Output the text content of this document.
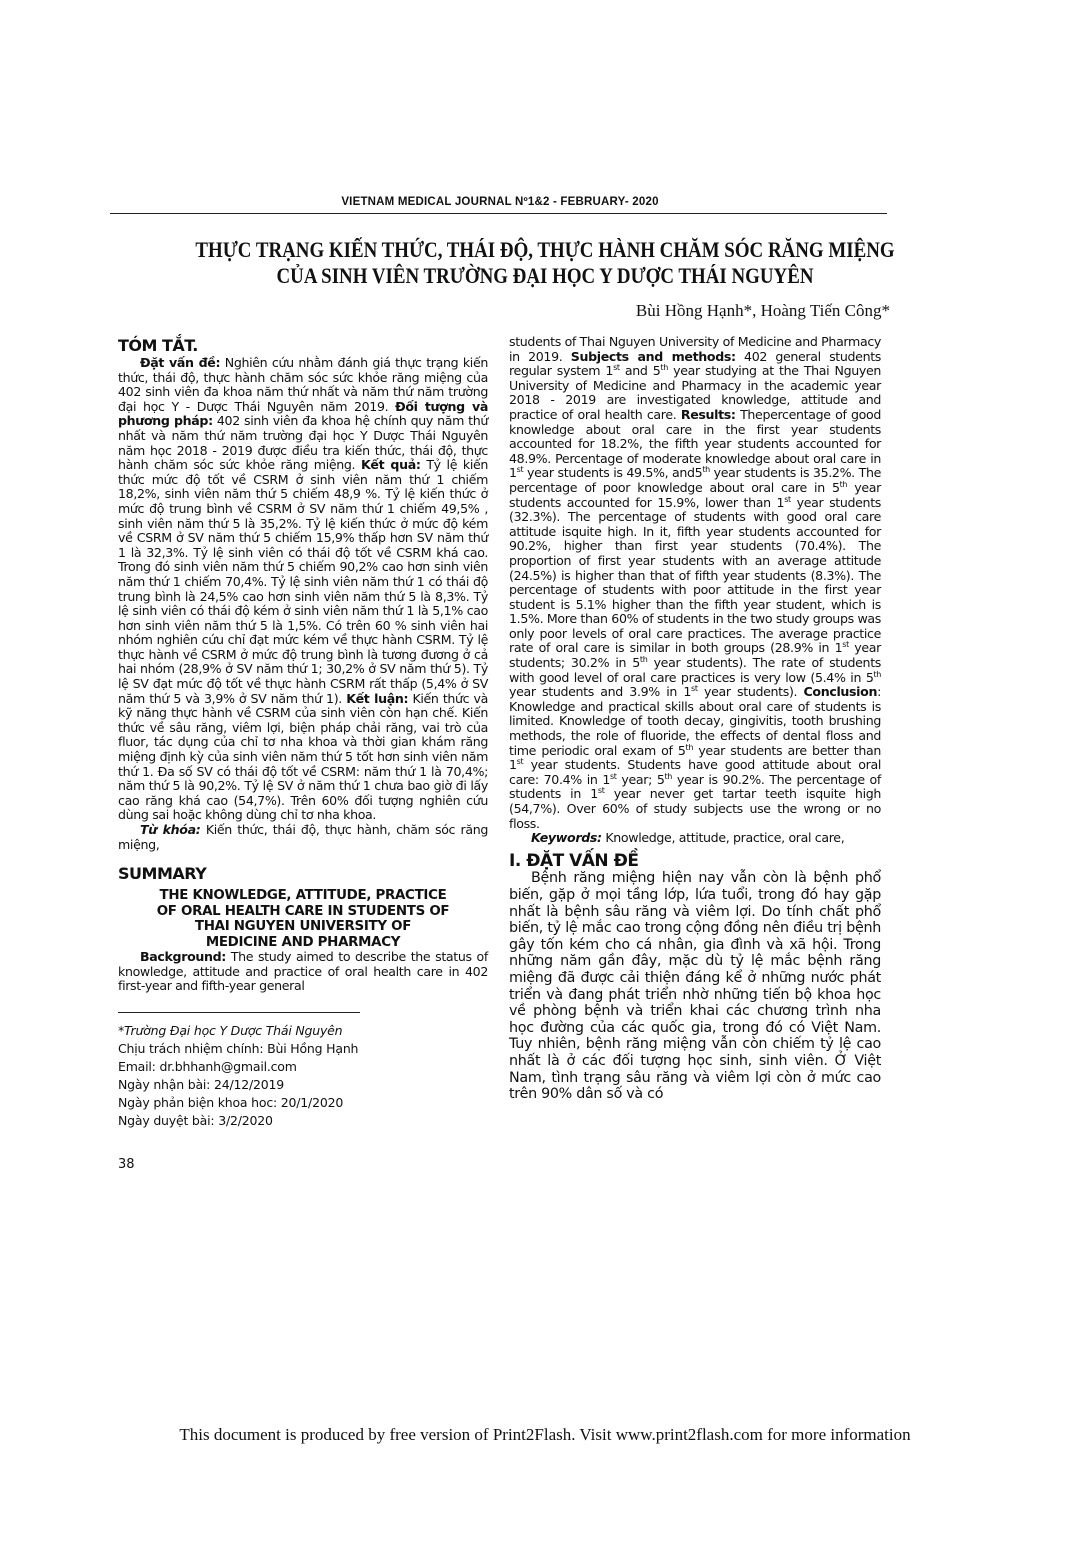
VIETNAM MEDICAL JOURNAL Nº1&2 - FEBRUARY- 2020
THỰC TRẠNG KIẾN THỨC, THÁI ĐỘ, THỰC HÀNH CHĂM SÓC RĂNG MIỆNG
CỦA SINH VIÊN TRƯỜNG ĐẠI HỌC Y DƯỢC THÁI NGUYÊN
Bùi Hồng Hạnh*, Hoàng Tiến Công*
TÓM TẮT.

Đặt vấn đề: Nghiên cứu nhằm đánh giá thực trạng kiến thức, thái độ, thực hành chăm sóc sức khỏe răng miệng của 402 sinh viên đa khoa năm thứ nhất và năm thứ năm trường đại học Y - Dược Thái Nguyên năm 2019. Đối tượng và phương pháp: 402 sinh viên đa khoa hệ chính quy năm thứ nhất và năm thứ năm trường đại học Y Dược Thái Nguyên năm học 2018 - 2019 được điều tra kiến thức, thái độ, thực hành chăm sóc sức khỏe răng miệng. Kết quả: Tỷ lệ kiến thức mức độ tốt về CSRM ở sinh viên năm thứ 1 chiếm 18,2%, sinh viên năm thứ 5 chiếm 48,9 %. Tỷ lệ kiến thức ở mức độ trung bình về CSRM ở SV năm thứ 1 chiếm 49,5% , sinh viên năm thứ 5 là 35,2%. Tỷ lệ kiến thức ở mức độ kém về CSRM ở SV năm thứ 5 chiếm 15,9% thấp hơn SV năm thứ 1 là 32,3%. Tỷ lệ sinh viên có thái độ tốt về CSRM khá cao. Trong đó sinh viên năm thứ 5 chiếm 90,2% cao hơn sinh viên năm thứ 1 chiếm 70,4%. Tỷ lệ sinh viên năm thứ 1 có thái độ trung bình là 24,5% cao hơn sinh viên năm thứ 5 là 8,3%. Tỷ lệ sinh viên có thái độ kém ở sinh viên năm thứ 1 là 5,1% cao hơn sinh viên năm thứ 5 là 1,5%. Có trên 60 % sinh viên hai nhóm nghiên cứu chỉ đạt mức kém về thực hành CSRM. Tỷ lệ thực hành về CSRM ở mức độ trung bình là tương đương ở cả hai nhóm (28,9% ở SV năm thứ 1; 30,2% ở SV năm thứ 5). Tỷ lệ SV đạt mức độ tốt về thực hành CSRM rất thấp (5,4% ở SV năm thứ 5 và 3,9% ở SV năm thứ 1). Kết luận: Kiến thức và kỹ năng thực hành về CSRM của sinh viên còn hạn chế. Kiến thức về sâu răng, viêm lợi, biện pháp chải răng, vai trò của fluor, tác dụng của chỉ tơ nha khoa và thời gian khám răng miệng định kỳ của sinh viên năm thứ 5 tốt hơn sinh viên năm thứ 1. Đa số SV có thái độ tốt về CSRM: năm thứ 1 là 70,4%; năm thứ 5 là 90,2%. Tỷ lệ SV ở năm thứ 1 chưa bao giờ đi lấy cao răng khá cao (54,7%). Trên 60% đối tượng nghiên cứu dùng sai hoặc không dùng chỉ tơ nha khoa.

Từ khóa: Kiến thức, thái độ, thực hành, chăm sóc răng miệng,

SUMMARY
THE KNOWLEDGE, ATTITUDE, PRACTICE
OF ORAL HEALTH CARE IN STUDENTS OF
THAI NGUYEN UNIVERSITY OF
MEDICINE AND PHARMACY

Background: The study aimed to describe the status of knowledge, attitude and practice of oral health care in 402 first-year and fifth-year general

*Trường Đại học Y Dược Thái Nguyên
Chịu trách nhiệm chính: Bùi Hồng Hạnh
Email: dr.bhhanh@gmail.com
Ngày nhận bài: 24/12/2019
Ngày phản biện khoa hoc: 20/1/2020
Ngày duyệt bài: 3/2/2020
38

students of Thai Nguyen University of Medicine and Pharmacy in 2019. Subjects and methods: 402 general students regular system 1st and 5th year studying at the Thai Nguyen University of Medicine and Pharmacy in the academic year 2018 - 2019 are investigated knowledge, attitude and practice of oral health care. Results: Thepercentage of good knowledge about oral care in the first year students accounted for 18.2%, the fifth year students accounted for 48.9%. Percentage of moderate knowledge about oral care in 1st year students is 49.5%, and5th year students is 35.2%. The percentage of poor knowledge about oral care in 5th year students accounted for 15.9%, lower than 1st year students (32.3%). The percentage of students with good oral care attitude isquite high. In it, fifth year students accounted for 90.2%, higher than first year students (70.4%). The proportion of first year students with an average attitude (24.5%) is higher than that of fifth year students (8.3%). The percentage of students with poor attitude in the first year student is 5.1% higher than the fifth year student, which is 1.5%. More than 60% of students in the two study groups was only poor levels of oral care practices. The average practice rate of oral care is similar in both groups (28.9% in 1st year students; 30.2% in 5th year students). The rate of students with good level of oral care practices is very low (5.4% in 5th year students and 3.9% in 1st year students). Conclusion: Knowledge and practical skills about oral care of students is limited. Knowledge of tooth decay, gingivitis, tooth brushing methods, the role of fluoride, the effects of dental floss and time periodic oral exam of 5th year students are better than 1st year students. Students have good attitude about oral care: 70.4% in 1st year; 5th year is 90.2%. The percentage of students in 1st year never get tartar teeth isquite high (54,7%). Over 60% of study subjects use the wrong or no floss.

Keywords: Knowledge, attitude, practice, oral care,

I. ĐẶT VẤN ĐỀ

Bệnh răng miệng hiện nay vẫn còn là bệnh phổ biến, gặp ở mọi tầng lớp, lứa tuổi, trong đó hay gặp nhất là bệnh sâu răng và viêm lợi. Do tính chất phổ biến, tỷ lệ mắc cao trong cộng đồng nên điều trị bệnh gây tốn kém cho cá nhân, gia đình và xã hội. Trong những năm gần đây, mặc dù tỷ lệ mắc bệnh răng miệng đã được cải thiện đáng kể ở những nước phát triển và đang phát triển nhờ những tiến bộ khoa học về phòng bệnh và triển khai các chương trình nha học đường của các quốc gia, trong đó có Việt Nam. Tuy nhiên, bệnh răng miệng vẫn còn chiếm tỷ lệ cao nhất là ở các đối tượng học sinh, sinh viên. Ở Việt Nam, tình trạng sâu răng và viêm lợi còn ở mức cao trên 90% dân số và có

This document is produced by free version of Print2Flash. Visit www.print2flash.com for more information
